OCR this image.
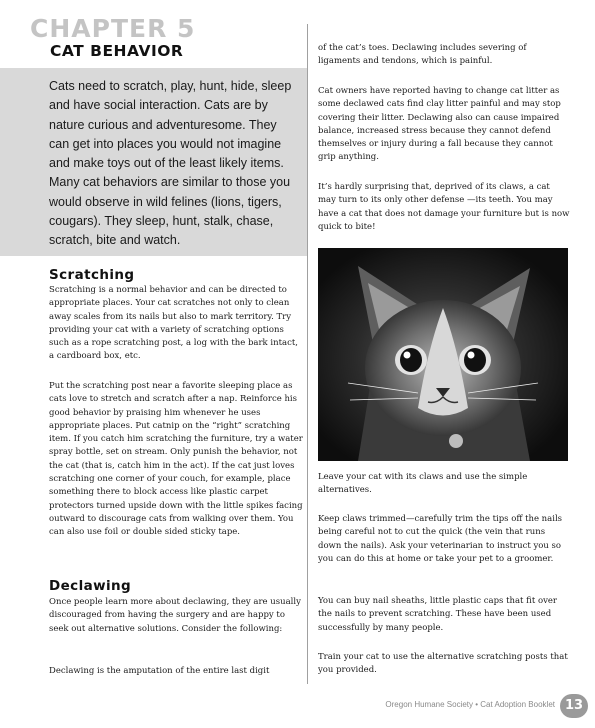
CHAPTER 5
CAT BEHAVIOR

Cats need to scratch, play, hunt, hide, sleep and have social interaction. Cats are by nature curious and adventuresome. They can get into places you would not imagine and make toys out of the least likely items. Many cat behaviors are similar to those you would observe in wild felines (lions, tigers, cougars). They sleep, hunt, stalk, chase, scratch, bite and watch.

Scratching

Scratching is a normal behavior and can be directed to appropriate places. Your cat scratches not only to clean away scales from its nails but also to mark territory. Try providing your cat with a variety of scratching options such as a rope scratching post, a log with the bark intact, a cardboard box, etc.

Put the scratching post near a favorite sleeping place as cats love to stretch and scratch after a nap. Reinforce his good behavior by praising him whenever he uses appropriate places. Put catnip on the “right” scratching item. If you catch him scratching the furniture, try a water spray bottle, set on stream. Only punish the behavior, not the cat (that is, catch him in the act). If the cat just loves scratching one corner of your couch, for example, place something there to block access like plastic carpet protectors turned upside down with the little spikes facing outward to discourage cats from walking over them. You can also use foil or double sided sticky tape.

Declawing

Once people learn more about declawing, they are usually discouraged from having the surgery and are happy to seek out alternative solutions. Consider the following:

Declawing is the amputation of the entire last digit

of the cat’s toes. Declawing includes severing of ligaments and tendons, which is painful.

Cat owners have reported having to change cat litter as some declawed cats find clay litter painful and may stop covering their litter. Declawing also can cause impaired balance, increased stress because they cannot defend themselves or injury during a fall because they cannot grip anything.

It’s hardly surprising that, deprived of its claws, a cat may turn to its only other defense —its teeth. You may have a cat that does not damage your furniture but is now quick to bite!

Leave your cat with its claws and use the simple alternatives.

Keep claws trimmed—carefully trim the tips off the nails being careful not to cut the quick (the vein that runs down the nails). Ask your veterinarian to instruct you so you can do this at home or take your pet to a groomer.

You can buy nail sheaths, little plastic caps that fit over the nails to prevent scratching. These have been used successfully by many people.

Train your cat to use the alternative scratching posts that you provided.

Oregon Humane Society • Cat Adoption Booklet 13
